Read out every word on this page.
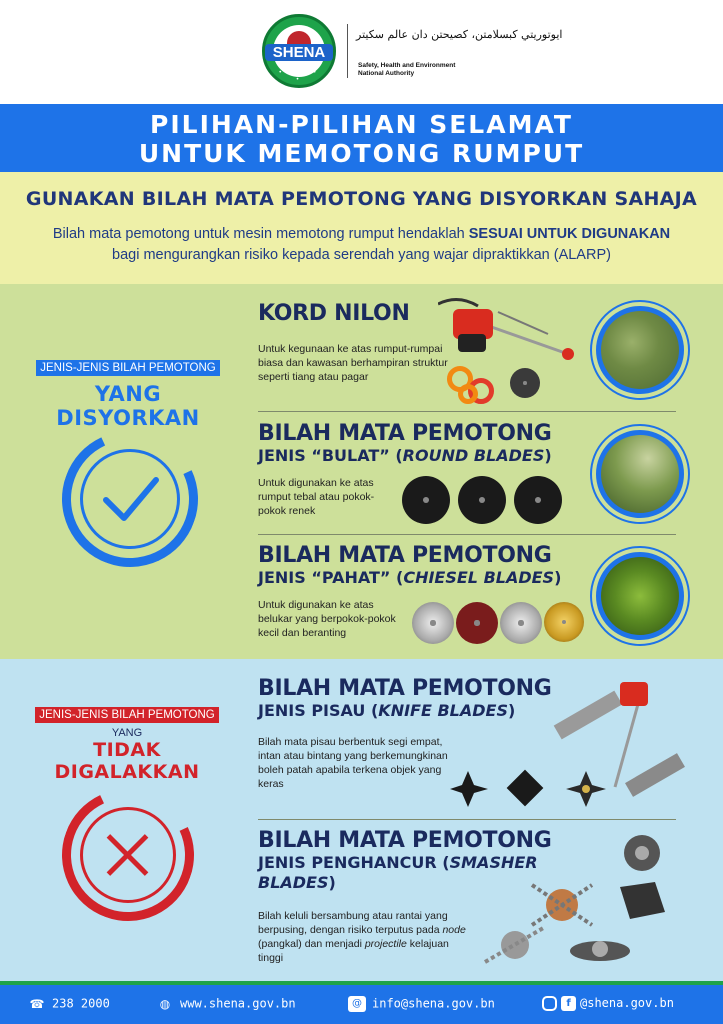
SHENA
• • • • •
ايوتوريتي كبسلامتن، كصيحتن دان عالم سكيتر
Safety, Health and Environment
National Authority
PILIHAN-PILIHAN SELAMAT
UNTUK MEMOTONG RUMPUT
GUNAKAN BILAH MATA PEMOTONG YANG DISYORKAN SAHAJA

Bilah mata pemotong untuk mesin memotong rumput hendaklah SESUAI UNTUK DIGUNAKAN bagi mengurangkan risiko kepada serendah yang wajar dipraktikkan (ALARP)

JENIS-JENIS BILAH PEMOTONG
YANG DISYORKAN
KORD NILON
Untuk kegunaan ke atas rumput-rumpai biasa dan kawasan berhampiran struktur seperti tiang atau pagar
BILAH MATA PEMOTONG
JENIS “BULAT” (ROUND BLADES)
Untuk digunakan ke atas rumput tebal atau pokok-pokok renek
BILAH MATA PEMOTONG
JENIS “PAHAT” (CHIESEL BLADES)
Untuk digunakan ke atas belukar yang berpokok-pokok kecil dan beranting
JENIS-JENIS BILAH PEMOTONG
YANG
TIDAK DIGALAKKAN
BILAH MATA PEMOTONG
JENIS PISAU (KNIFE BLADES)
Bilah mata pisau berbentuk segi empat, intan atau bintang yang berkemungkinan boleh patah apabila terkena objek yang keras
BILAH MATA PEMOTONG
JENIS PENGHANCUR (SMASHER BLADES)
Bilah keluli bersambung atau rantai yang berpusing, dengan risiko terputus pada node (pangkal) dan menjadi projectile kelajuan tinggi
☎ 238 2000	◍ www.shena.gov.bn	@ info@shena.gov.bn	f @shena.gov.bn
